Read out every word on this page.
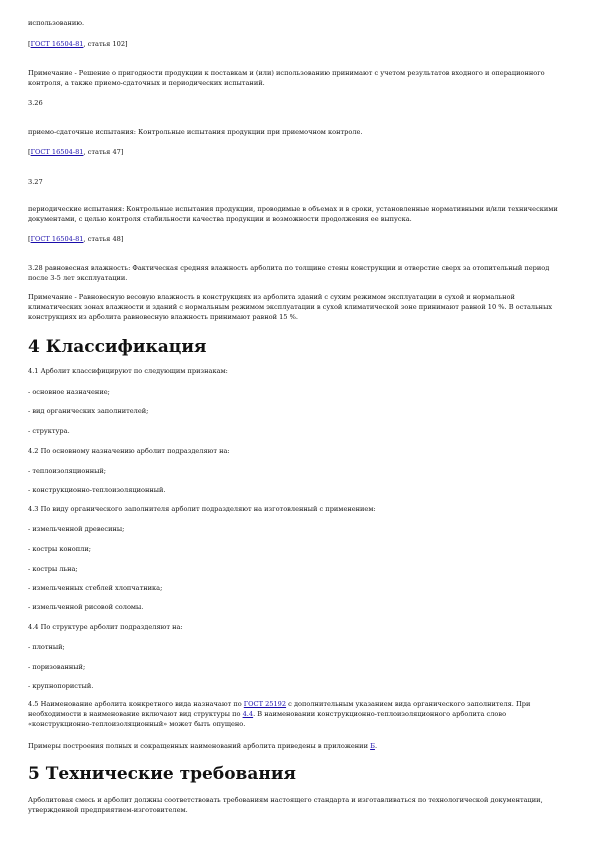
использованию.
[ГОСТ 16504-81, статья 102]
Примечание - Решение о пригодности продукции к поставкам и (или) использованию принимают с учетом результатов входного и операционного контроля, а также приемо-сдаточных и периодических испытаний.
3.26
приемо-сдаточные испытания: Контрольные испытания продукции при приемочном контроле.
[ГОСТ 16504-81, статья 47]
3.27
периодические испытания: Контрольные испытания продукции, проводимые в объемах и в сроки, установленные нормативными и/или техническими документами, с целью контроля стабильности качества продукции и возможности продолжения ее выпуска.
[ГОСТ 16504-81, статья 48]
3.28 равновесная влажность: Фактическая средняя влажность арболита по толщине стены конструкции и отверстие сверх за отопительный период после 3-5 лет эксплуатации.
Примечание - Равновесную весовую влажность в конструкциях из арболита зданий с сухим режимом эксплуатации в сухой и нормальной климатических зонах влажности и зданий с нормальным режимом эксплуатации в сухой климатической зоне принимают равной 10 %. В остальных конструкциях из арболита равновесную влажность принимают равной 15 %.
4 Классификация
4.1 Арболит классифицируют по следующим признакам:
- основное назначение;
- вид органических заполнителей;
- структура.
4.2 По основному назначению арболит подразделяют на:
- теплоизоляционный;
- конструкционно-теплоизоляционный.
4.3 По виду органического заполнителя арболит подразделяют на изготовленный с применением:
- измельченной древесины;
- костры конопли;
- костры льна;
- измельченных стеблей хлопчатника;
- измельченной рисовой соломы.
4.4 По структуре арболит подразделяют на:
- плотный;
- поризованный;
- крупнопористый.
4.5 Наименование арболита конкретного вида назначают по ГОСТ 25192 с дополнительным указанием вида органического заполнителя. При необходимости в наименование включают вид структуры по 4.4. В наименовании конструкционно-теплоизоляционного арболита слово «конструкционно-теплоизоляционный» может быть опущено.
Примеры построения полных и сокращенных наименований арболита приведены в приложении Б.
5 Технические требования
Арболитовая смесь и арболит должны соответствовать требованиям настоящего стандарта и изготавливаться по технологической документации, утвержденной предприятием-изготовителем.
